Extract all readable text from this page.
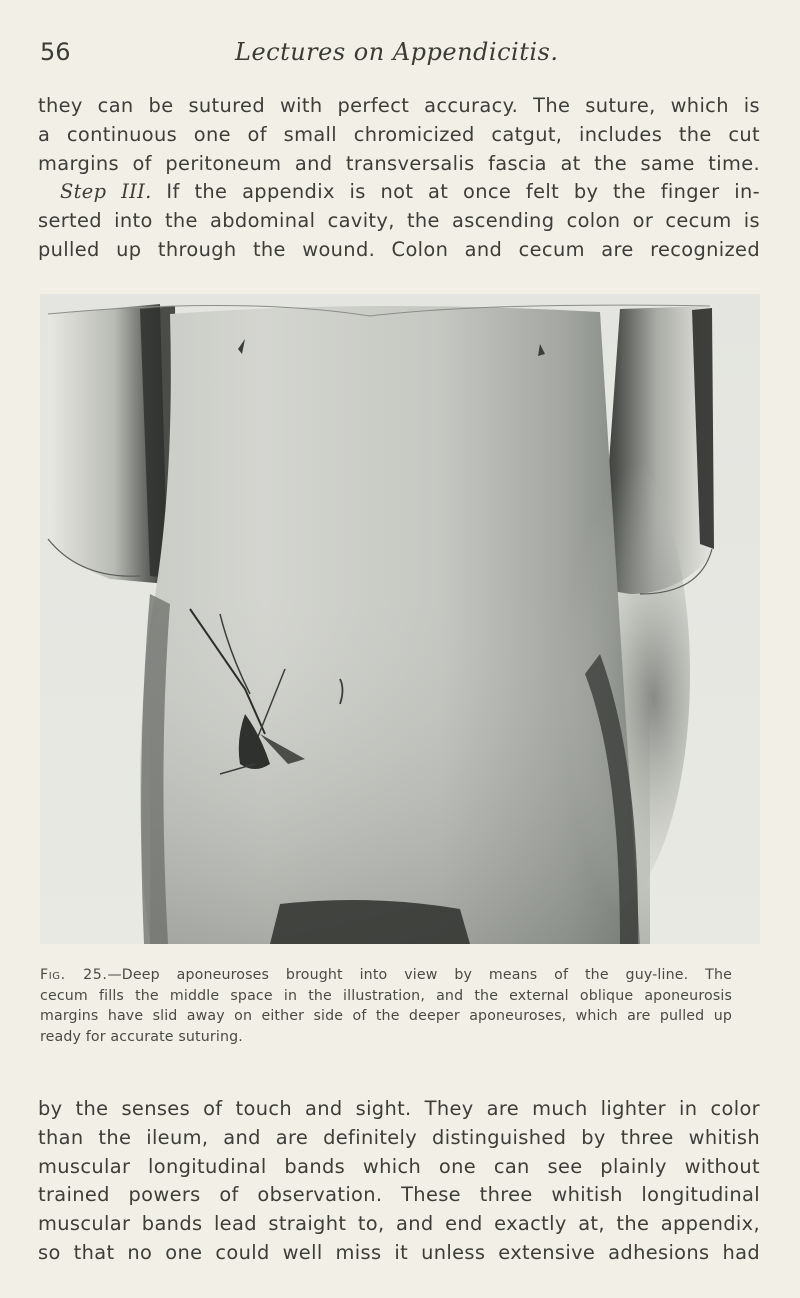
56	Lectures on Appendicitis.
they can be sutured with perfect accuracy. The suture, which is
a continuous one of small chromicized catgut, includes the cut
margins of peritoneum and transversalis fascia at the same time.
Step III. If the appendix is not at once felt by the finger in-
serted into the abdominal cavity, the ascending colon or cecum is
pulled up through the wound. Colon and cecum are recognized
Fig. 25.—Deep aponeuroses brought into view by means of the guy-line. The
cecum fills the middle space in the illustration, and the external oblique aponeurosis
margins have slid away on either side of the deeper aponeuroses, which are pulled up
ready for accurate suturing.
by the senses of touch and sight. They are much lighter in color
than the ileum, and are definitely distinguished by three whitish
muscular longitudinal bands which one can see plainly without
trained powers of observation. These three whitish longitudinal
muscular bands lead straight to, and end exactly at, the appendix,
so that no one could well miss it unless extensive adhesions had
